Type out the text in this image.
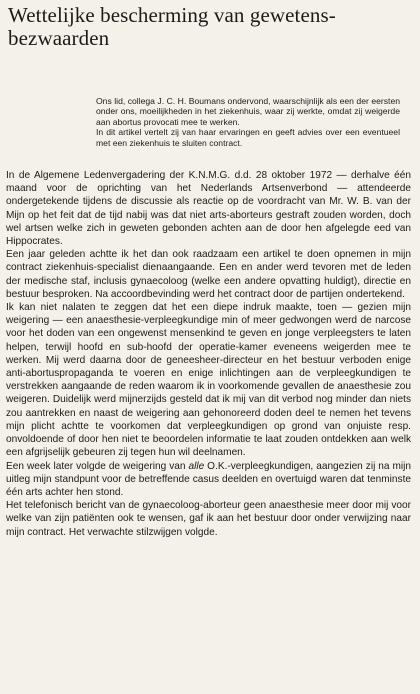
Wettelijke bescherming van gewetens-bezwaarden

Ons lid, collega J. C. H. Boumans ondervond, waarschijnlijk als een der eersten onder ons, moeilijkheden in het ziekenhuis, waar zij werkte, omdat zij weigerde aan abortus provocati mee te werken.

In dit artikel vertelt zij van haar ervaringen en geeft advies over een eventueel met een ziekenhuis te sluiten contract.

In de Algemene Ledenvergadering der K.N.M.G. d.d. 28 oktober 1972 — derhalve één maand voor de oprichting van het Nederlands Artsenverbond — attendeerde ondergetekende tijdens de discussie als reactie op de voordracht van Mr. W. B. van der Mijn op het feit dat de tijd nabij was dat niet arts-aborteurs gestraft zouden worden, doch wel artsen welke zich in geweten gebonden achten aan de door hen afgelegde eed van Hippocrates.

Een jaar geleden achtte ik het dan ook raadzaam een artikel te doen opnemen in mijn contract ziekenhuis-specialist dienaangaande. Een en ander werd tevoren met de leden der medische staf, inclusis gynaecoloog (welke een andere opvatting huldigt), directie en bestuur besproken. Na accoordbevinding werd het contract door de partijen ondertekend.

Ik kan niet nalaten te zeggen dat het een diepe indruk maakte, toen — gezien mijn weigering — een anaesthesie-verpleegkundige min of meer gedwongen werd de narcose voor het doden van een ongewenst mensenkind te geven en jonge verpleegsters te laten helpen, terwijl hoofd en sub-hoofd der operatie-kamer eveneens weigerden mee te werken. Mij werd daarna door de geneesheer-directeur en het bestuur verboden enige anti-abortuspropaganda te voeren en enige inlichtingen aan de verpleegkundigen te verstrekken aangaande de reden waarom ik in voorkomende gevallen de anaesthesie zou weigeren. Duidelijk werd mijnerzijds gesteld dat ik mij van dit verbod nog minder dan niets zou aantrekken en naast de weigering aan gehonoreerd doden deel te nemen het tevens mijn plicht achtte te voorkomen dat verpleegkundigen op grond van onjuiste resp. onvoldoende of door hen niet te beoordelen informatie te laat zouden ontdekken aan welk een afgrijselijk gebeuren zij tegen hun wil deelnamen.

Een week later volgde de weigering van alle O.K.-verpleegkundigen, aangezien zij na mijn uitleg mijn standpunt voor de betreffende casus deelden en overtuigd waren dat tenminste één arts achter hen stond.

Het telefonisch bericht van de gynaecoloog-aborteur geen anaesthesie meer door mij voor welke van zijn patiënten ook te wensen, gaf ik aan het bestuur door onder verwijzing naar mijn contract. Het verwachte stilzwijgen volgde.
